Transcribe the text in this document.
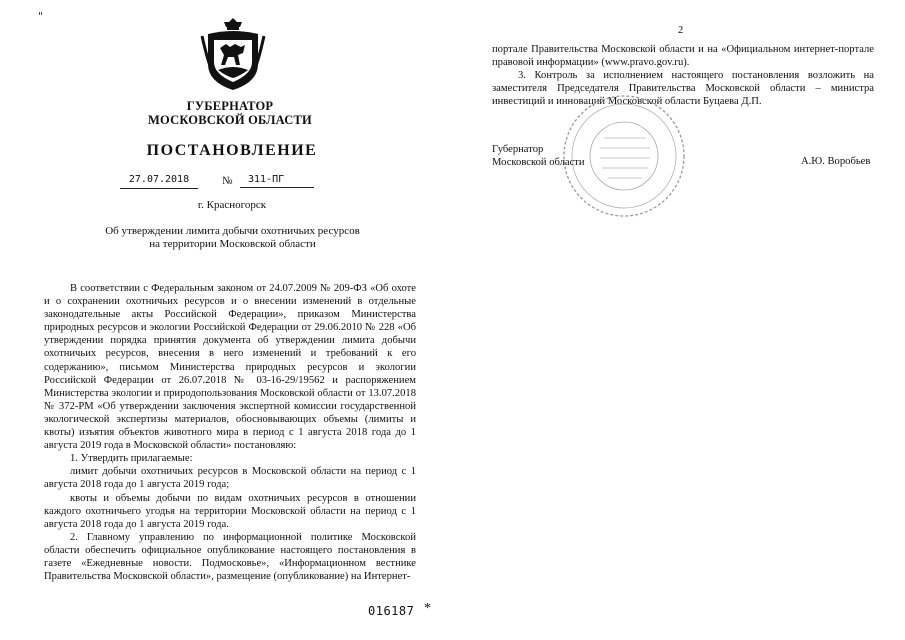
"
ГУБЕРНАТОР
МОСКОВСКОЙ ОБЛАСТИ
ПОСТАНОВЛЕНИЕ
27.07.2018	№	311-ПГ
г. Красногорск
Об утверждении лимита добычи охотничьих ресурсов
на территории Московской области

В соответствии с Федеральным законом от 24.07.2009 № 209-ФЗ «Об охоте и о сохранении охотничьих ресурсов и о внесении изменений в отдельные законодательные акты Российской Федерации», приказом Министерства природных ресурсов и экологии Российской Федерации от 29.06.2010 № 228 «Об утверждении порядка принятия документа об утверждении лимита добычи охотничьих ресурсов, внесения в него изменений и требований к его содержанию», письмом Министерства природных ресурсов и экологии Российской Федерации от 26.07.2018 № 03-16-29/19562 и распоряжением Министерства экологии и природопользования Московской области от 13.07.2018 № 372-РМ «Об утверждении заключения экспертной комиссии государственной экологической экспертизы материалов, обосновывающих объемы (лимиты и квоты) изъятия объектов животного мира в период с 1 августа 2018 года до 1 августа 2019 года в Московской области» постановляю:

1. Утвердить прилагаемые:

лимит добычи охотничьих ресурсов в Московской области на период с 1 августа 2018 года до 1 августа 2019 года;

квоты и объемы добычи по видам охотничьих ресурсов в отношении каждого охотничьего угодья на территории Московской области на период с 1 августа 2018 года до 1 августа 2019 года.

2. Главному управлению по информационной политике Московской области обеспечить официальное опубликование настоящего постановления в газете «Ежедневные новости. Подмосковье», «Информационном вестнике Правительства Московской области», размещение (опубликование) на Интернет-

016187 *
2

портале Правительства Московской области и на «Официальном интернет-портале правовой информации» (www.pravo.gov.ru).

3. Контроль за исполнением настоящего постановления возложить на заместителя Председателя Правительства Московской области – министра инвестиций и инноваций Московской области Буцаева Д.П.

Губернатор
Московской области	А.Ю. Воробьев
